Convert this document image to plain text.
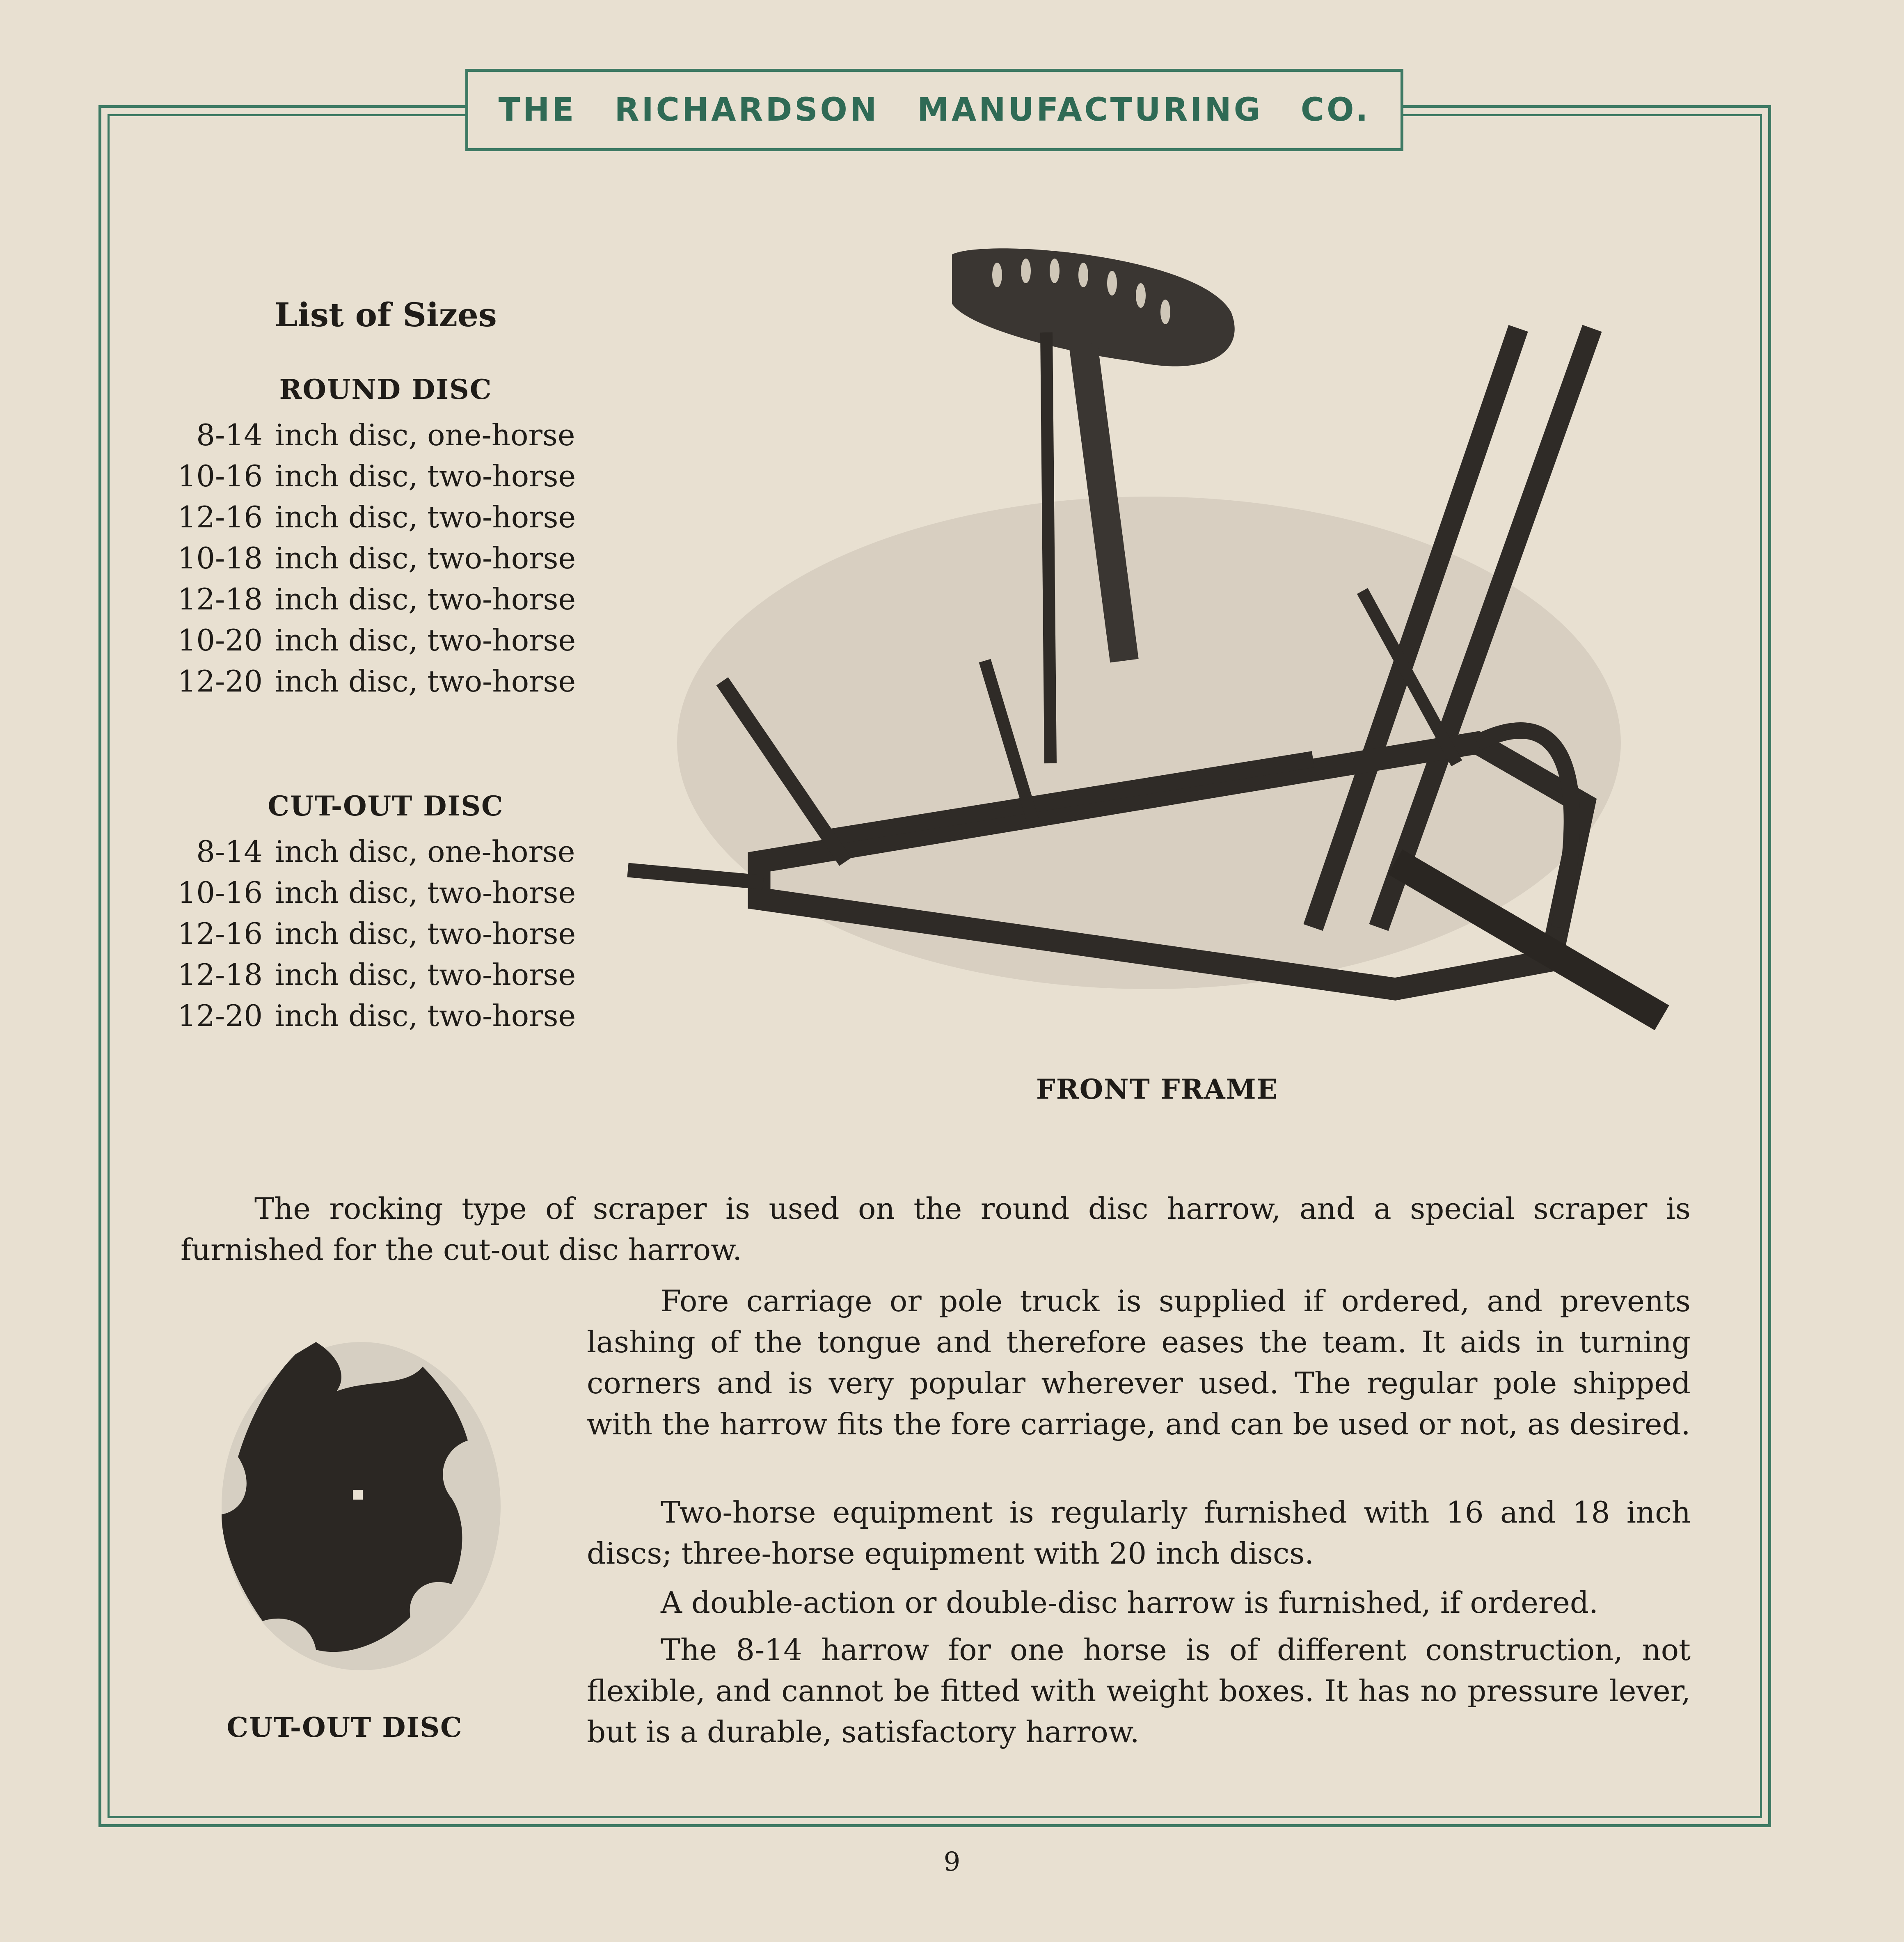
THE RICHARDSON MANUFACTURING CO.
List of Sizes
ROUND DISC
8-14 inch disc, one-horse
10-16 inch disc, two-horse
12-16 inch disc, two-horse
10-18 inch disc, two-horse
12-18 inch disc, two-horse
10-20 inch disc, two-horse
12-20 inch disc, two-horse
CUT-OUT DISC
8-14 inch disc, one-horse
10-16 inch disc, two-horse
12-16 inch disc, two-horse
12-18 inch disc, two-horse
12-20 inch disc, two-horse
FRONT FRAME
The rocking type of scraper is used on the round disc harrow, and a special scraper is furnished for the cut-out disc harrow.
CUT-OUT DISC
Fore carriage or pole truck is supplied if ordered, and prevents lashing of the tongue and therefore eases the team. It aids in turning corners and is very popular wherever used. The regular pole shipped with the harrow fits the fore carriage, and can be used or not, as desired.
Two-horse equipment is regularly furnished with 16 and 18 inch discs; three-horse equipment with 20 inch discs.
A double-action or double-disc harrow is furnished, if ordered.
The 8-14 harrow for one horse is of different construction, not flexible, and cannot be fitted with weight boxes. It has no pressure lever, but is a durable, satisfactory harrow.
9
